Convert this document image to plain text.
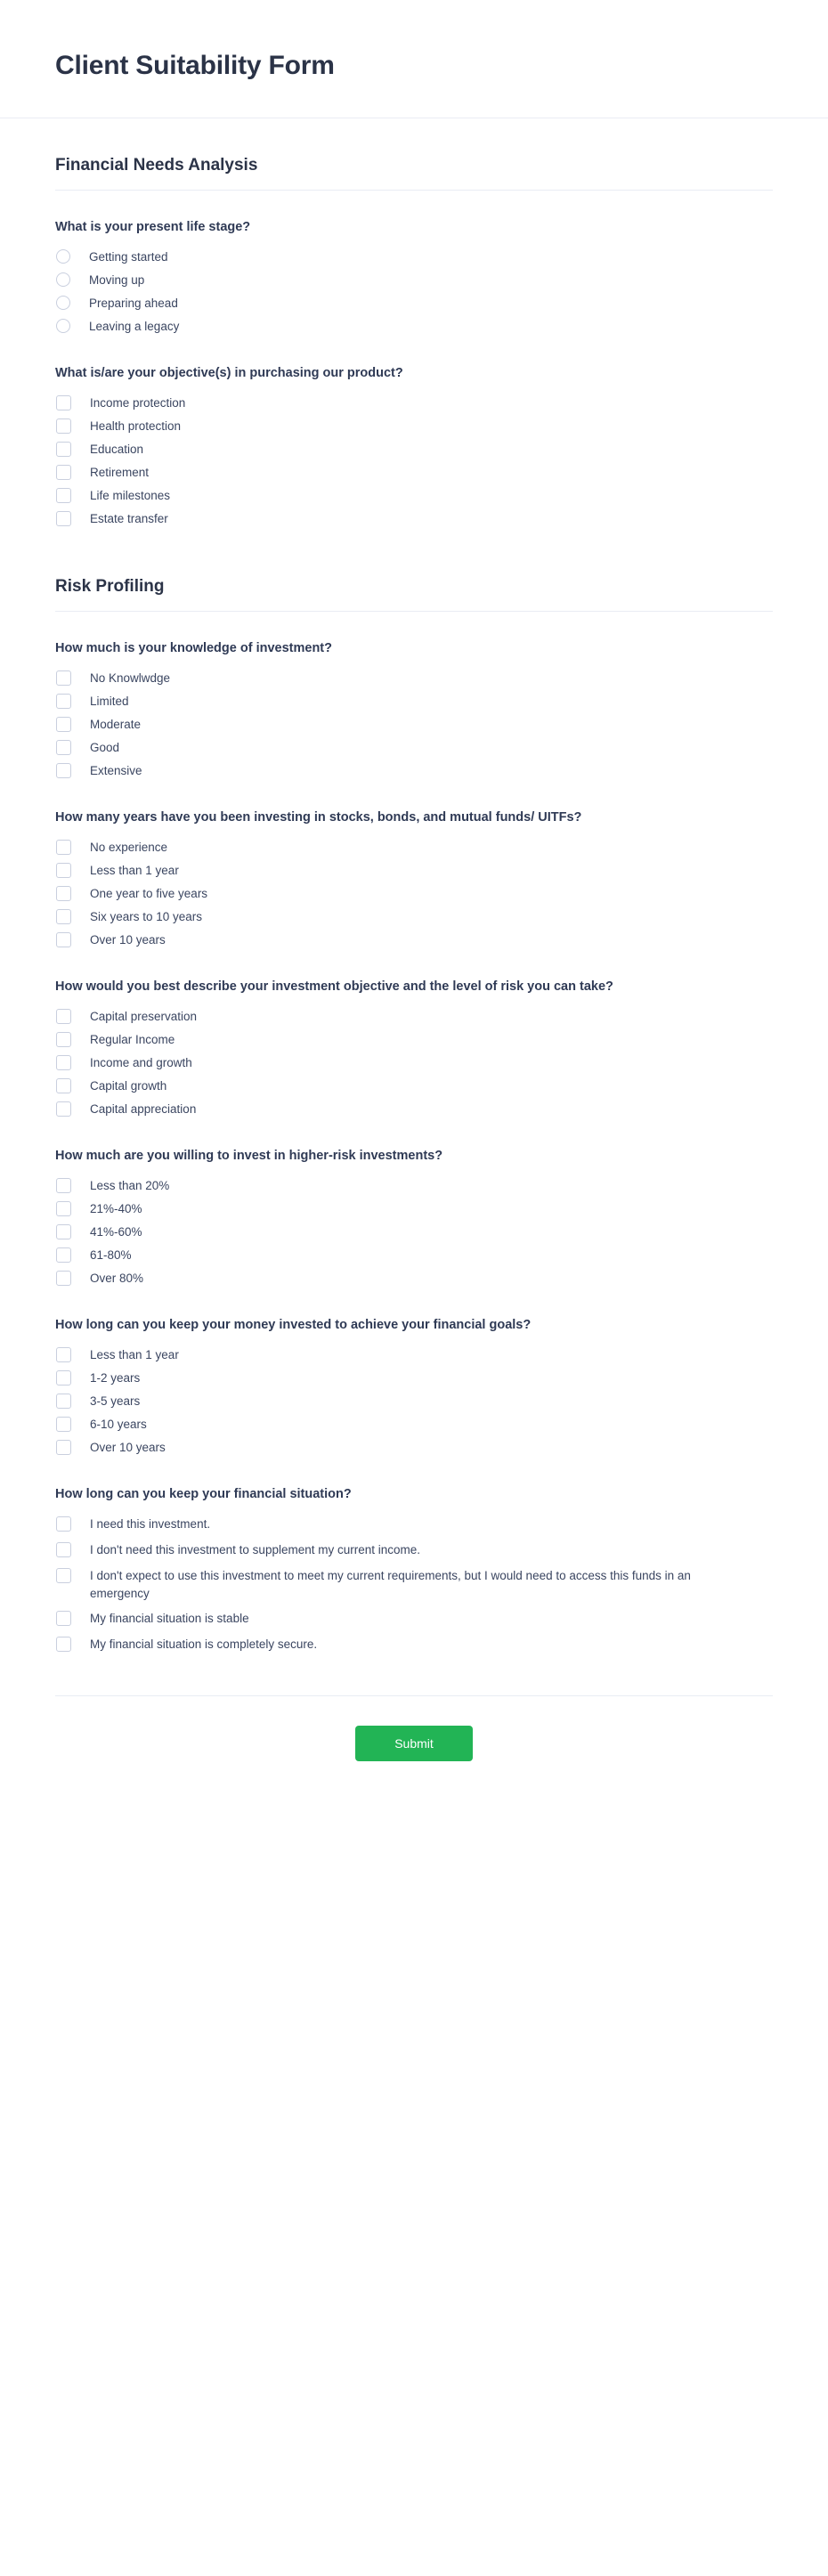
Client Suitability Form
Financial Needs Analysis

What is your present life stage?

Getting started
Moving up
Preparing ahead
Leaving a legacy

What is/are your objective(s) in purchasing our product?

Income protection
Health protection
Education
Retirement
Life milestones
Estate transfer
Risk Profiling

How much is your knowledge of investment?

No Knowlwdge
Limited
Moderate
Good
Extensive

How many years have you been investing in stocks, bonds, and mutual funds/ UITFs?

No experience
Less than 1 year
One year to five years
Six years to 10 years
Over 10 years

How would you best describe your investment objective and the level of risk you can take?

Capital preservation
Regular Income
Income and growth
Capital growth
Capital appreciation

How much are you willing to invest in higher-risk investments?

Less than 20%
21%-40%
41%-60%
61-80%
Over 80%

How long can you keep your money invested to achieve your financial goals?

Less than 1 year
1-2 years
3-5 years
6-10 years
Over 10 years

How long can you keep your financial situation?

I need this investment.
I don't need this investment to supplement my current income.
I don't expect to use this investment to meet my current requirements, but I would need to access this funds in an emergency
My financial situation is stable
My financial situation is completely secure.
Submit
